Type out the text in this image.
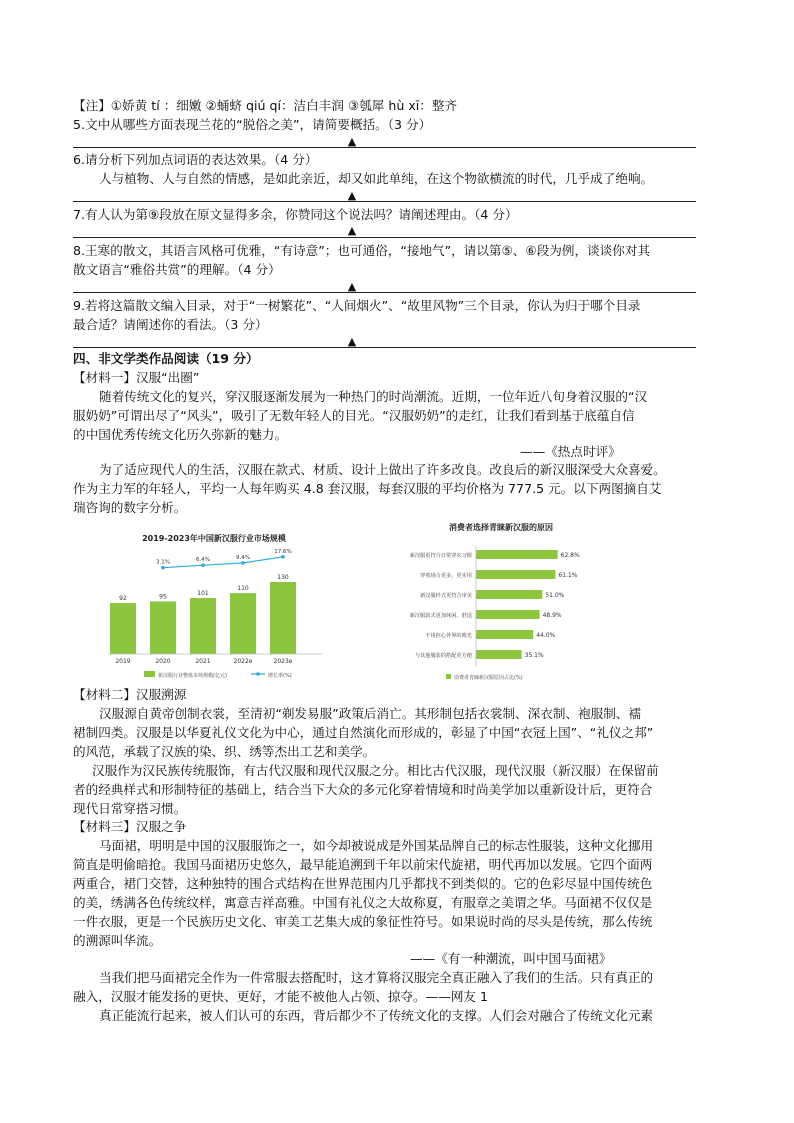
【注】①娇黄 tí ：细嫩 ②蛹蛴 qiú qí：洁白丰润 ③瓠犀 hù xī：整齐
5.文中从哪些方面表现兰花的“脱俗之美”，请简要概括。（3 分）
▲
6.请分析下列加点词语的表达效果。（4 分）
人与植物、人与自然的情感，是如此亲近，却又如此单纯，在这个物欲横流的时代，几乎成了绝响。
▲
7.有人认为第⑨段放在原文显得多余，你赞同这个说法吗？请阐述理由。（4 分）
▲
8.王寒的散文，其语言风格可优雅，“有诗意”；也可通俗，“接地气”，请以第⑤、⑥段为例，谈谈你对其
散文语言“雅俗共赏”的理解。（4 分）
▲
9.若将这篇散文编入目录，对于“一树繁花”、“人间烟火”、“故里风物”三个目录，你认为归于哪个目录
最合适？请阐述你的看法。（3 分）
▲
四、非文学类作品阅读（19 分）
【材料一】汉服“出圈”
随着传统文化的复兴，穿汉服逐渐发展为一种热门的时尚潮流。近期，一位年近八旬身着汉服的“汉
服奶奶”可谓出尽了“风头”，吸引了无数年轻人的目光。“汉服奶奶”的走红，让我们看到基于底蕴自信
的中国优秀传统文化历久弥新的魅力。
——《热点时评》
为了适应现代人的生活，汉服在款式、材质、设计上做出了许多改良。改良后的新汉服深受大众喜爱。
作为主力军的年轻人，平均一人每年购买 4.8 套汉服，每套汉服的平均价格为 777.5 元。以下两图摘自艾
瑞咨询的数字分析。
2019-2023年中国新汉服行业市场规模
92
2019
95
2020
101
2021
110
2022e
130
2023e
3.1%	6.4%	9.4%
17.6%
新汉服行业整体市场规模(亿元)	增长率(%)
消费者选择青睐新汉服的原因
新汉服更符合日常穿衣习惯	62.8%
穿着场合更多，更实用	61.1%
新汉服样式更符合审美	51.0%
新汉服款式更加休闲、舒适	48.9%
不用担心外界的眼光	44.0%
与其他服装的搭配更方便	35.1%
消费者青睐新汉服原因占比(%)
【材料二】汉服溯源
汉服源自黄帝创制衣裳，至清初“剃发易服”政策后消亡。其形制包括衣裳制、深衣制、袍服制、襦
裙制四类。汉服是以华夏礼仪文化为中心，通过自然演化而形成的，彰显了中国“衣冠上国”、“礼仪之邦”
的风范，承载了汉族的染、织、绣等杰出工艺和美学。
汉服作为汉民族传统服饰，有古代汉服和现代汉服之分。相比古代汉服，现代汉服（新汉服）在保留前
者的经典样式和形制特征的基础上，结合当下大众的多元化穿着情境和时尚美学加以重新设计后，更符合
现代日常穿搭习惯。
【材料三】汉服之争
马面裙，明明是中国的汉服服饰之一，如今却被说成是外国某品牌自己的标志性服装，这种文化挪用
简直是明偷暗抢。我国马面裙历史悠久，最早能追溯到千年以前宋代旋裙，明代再加以发展。它四个面两
两重合，裙门交替，这种独特的围合式结构在世界范围内几乎都找不到类似的。它的色彩尽显中国传统色
的美，绣满各色传统纹样，寓意吉祥高雅。中国有礼仪之大故称夏，有服章之美谓之华。马面裙不仅仅是
一件衣服，更是一个民族历史文化、审美工艺集大成的象征性符号。如果说时尚的尽头是传统，那么传统
的溯源叫华流。
——《有一种潮流，叫中国马面裙》
当我们把马面裙完全作为一件常服去搭配时，这才算将汉服完全真正融入了我们的生活。只有真正的
融入，汉服才能发扬的更快、更好，才能不被他人占领、掠夺。——网友 1
真正能流行起来，被人们认可的东西，背后都少不了传统文化的支撑。人们会对融合了传统文化元素
